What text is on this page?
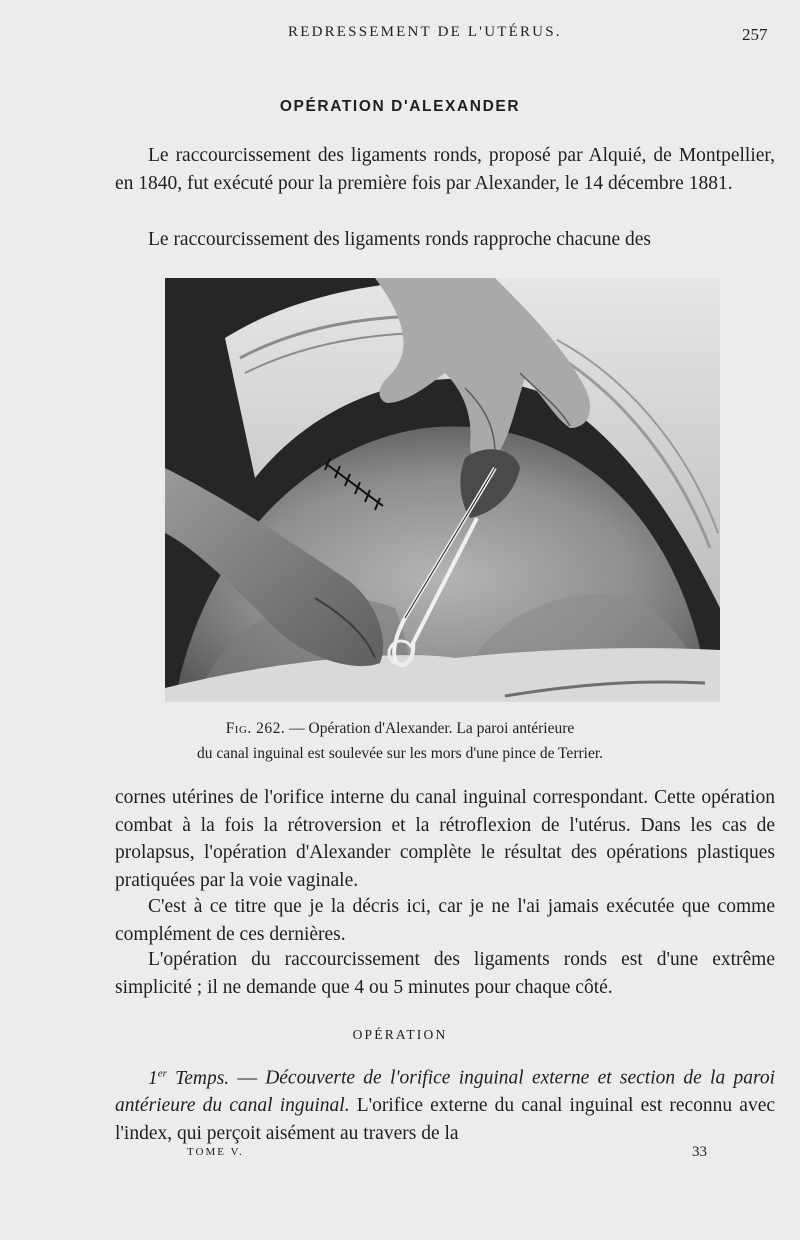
REDRESSEMENT DE L'UTÉRUS.	257
OPÉRATION D'ALEXANDER

Le raccourcissement des ligaments ronds, proposé par Alquié, de Montpellier, en 1840, fut exécuté pour la première fois par Alexander, le 14 décembre 1881.

Le raccourcissement des ligaments ronds rapproche chacune des

Fig. 262. — Opération d'Alexander. La paroi antérieure
du canal inguinal est soulevée sur les mors d'une pince de Terrier.

cornes utérines de l'orifice interne du canal inguinal correspondant. Cette opération combat à la fois la rétroversion et la rétroflexion de l'utérus. Dans les cas de prolapsus, l'opération d'Alexander complète le résultat des opérations plastiques pratiquées par la voie vaginale.

C'est à ce titre que je la décris ici, car je ne l'ai jamais exécutée que comme complément de ces dernières.

L'opération du raccourcissement des ligaments ronds est d'une extrême simplicité ; il ne demande que 4 ou 5 minutes pour chaque côté.

OPÉRATION

1er Temps. — Découverte de l'orifice inguinal externe et section de la paroi antérieure du canal inguinal. L'orifice externe du canal inguinal est reconnu avec l'index, qui perçoit aisément au travers de la

TOME V.	33
